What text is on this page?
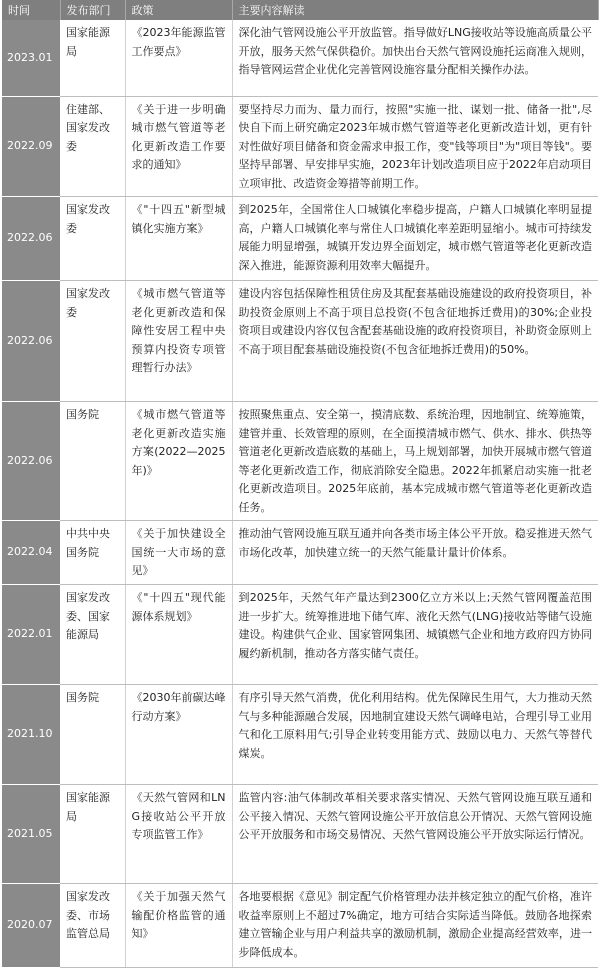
时间	发布部门	政策	主要内容解读
2023.01	国家能源局	《2023年能源监管工作要点》	深化油气管网设施公平开放监管。指导做好LNG接收站等设施高质量公平开放，服务天然气保供稳价。加快出台天然气管网设施托运商准入规则，指导管网运营企业优化完善管网设施容量分配相关操作办法。
2022.09	住建部、国家发改委	《关于进一步明确城市燃气管道等老化更新改造工作要求的通知》	要坚持尽力而为、量力而行，按照"实施一批、谋划一批、储备一批",尽快自下而上研究确定2023年城市燃气管道等老化更新改造计划，更有针对性做好项目储备和资金需求申报工作，变"钱等项目"为"项目等钱"。要坚持早部署、早安排早实施，2023年计划改造项目应于2022年启动项目立项审批、改造资金筹措等前期工作。
2022.06	国家发改委	《"十四五"新型城镇化实施方案》	到2025年，全国常住人口城镇化率稳步提高，户籍人口城镇化率明显提高，户籍人口城镇化率与常住人口城镇化率差距明显缩小。城市可持续发展能力明显增强，城镇开发边界全面划定，城市燃气管道等老化更新改造深入推进，能源资源利用效率大幅提升。
2022.06	国家发改委	《城市燃气管道等老化更新改造和保障性安居工程中央预算内投资专项管理暂行办法》	建设内容包括保障性租赁住房及其配套基础设施建设的政府投资项目，补助投资金原则上不高于项目总投资(不包含征地拆迁费用)的30%;企业投资项目或建设内容仅包含配套基础设施的政府投资项目，补助资金原则上不高于项目配套基础设施投资(不包含征地拆迁费用)的50%。
2022.06	国务院	《城市燃气管道等老化更新改造实施方案(2022—2025年)》	按照聚焦重点、安全第一，摸清底数、系统治理，因地制宜、统筹施策，建管并重、长效管理的原则，在全面摸清城市燃气、供水、排水、供热等管道老化更新改造底数的基础上，马上规划部署，加快开展城市燃气管道等老化更新改造工作，彻底消除安全隐患。2022年抓紧启动实施一批老化更新改造项目。2025年底前，基本完成城市燃气管道等老化更新改造任务。
2022.04	中共中央国务院	《关于加快建设全国统一大市场的意见》	推动油气管网设施互联互通并向各类市场主体公平开放。稳妥推进天然气市场化改革，加快建立统一的天然气能量计量计价体系。
2022.01	国家发改委、国家能源局	《"十四五"现代能源体系规划》	到2025年，天然气年产量达到2300亿立方米以上;天然气管网覆盖范围进一步扩大。统筹推进地下储气库、液化天然气(LNG)接收站等储气设施建设。构建供气企业、国家管网集团、城镇燃气企业和地方政府四方协同履约新机制，推动各方落实储气责任。
2021.10	国务院	《2030年前碳达峰行动方案》	有序引导天然气消费，优化利用结构。优先保障民生用气，大力推动天然气与多种能源融合发展，因地制宜建设天然气调峰电站，合理引导工业用气和化工原料用气;引导企业转变用能方式、鼓励以电力、天然气等替代煤炭。
2021.05	国家能源局	《天然气管网和LNG接收站公平开放专项监管工作》	监管内容:油气体制改革相关要求落实情况、天然气管网设施互联互通和公平接入情况、天然气管网设施公平开放信息公开情况、天然气管网设施公平开放服务和市场交易情况、天然气管网设施公平开放实际运行情况。
2020.07	国家发改委、市场监管总局	《关于加强天然气输配价格监管的通知》	各地要根据《意见》制定配气价格管理办法并核定独立的配气价格，准许收益率原则上不超过7%确定，地方可结合实际适当降低。鼓励各地探索建立管输企业与用户利益共享的激励机制，激励企业提高经营效率，进一步降低成本。
